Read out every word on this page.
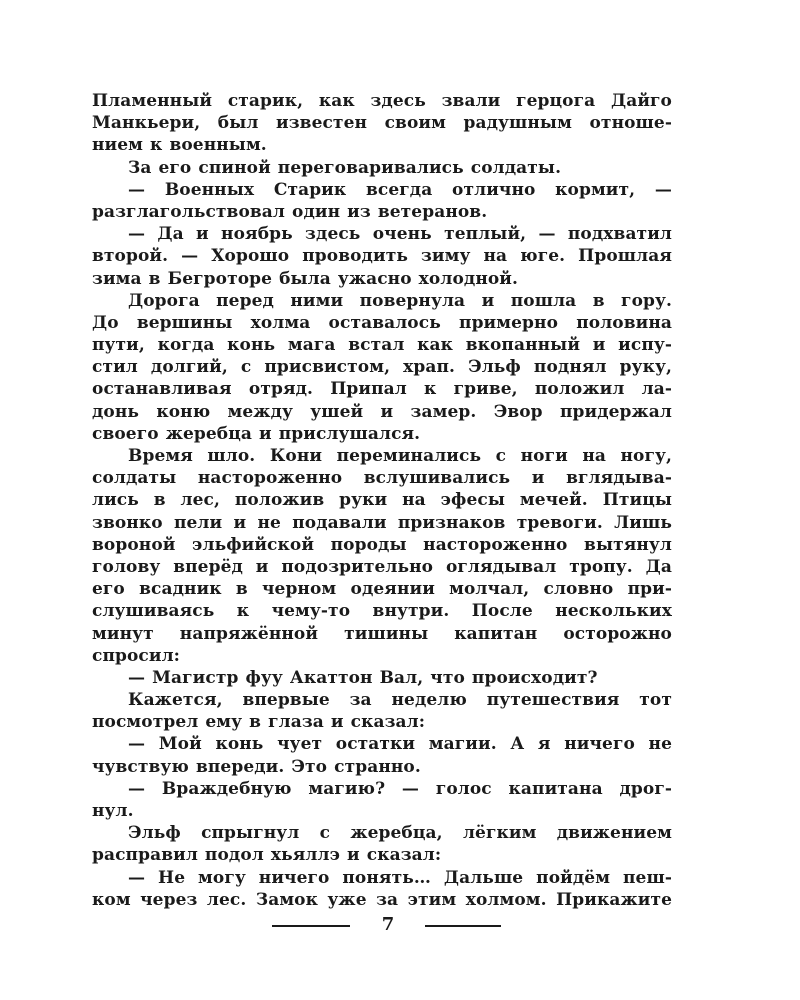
Пламенный старик, как здесь звали герцога Дайго
Манкьери, был известен своим радушным отноше-
нием к военным.
За его спиной переговаривались солдаты.
— Военных Старик всегда отлично кормит, —
разглагольствовал один из ветеранов.
— Да и ноябрь здесь очень теплый, — подхватил
второй. — Хорошо проводить зиму на юге. Прошлая
зима в Бегроторе была ужасно холодной.
Дорога перед ними повернула и пошла в гору.
До вершины холма оставалось примерно половина
пути, когда конь мага встал как вкопанный и испу-
стил долгий, с присвистом, храп. Эльф поднял руку,
останавливая отряд. Припал к гриве, положил ла-
донь коню между ушей и замер. Эвор придержал
своего жеребца и прислушался.
Время шло. Кони переминались с ноги на ногу,
солдаты настороженно вслушивались и вглядыва-
лись в лес, положив руки на эфесы мечей. Птицы
звонко пели и не подавали признаков тревоги. Лишь
вороной эльфийской породы настороженно вытянул
голову вперёд и подозрительно оглядывал тропу. Да
его всадник в черном одеянии молчал, словно при-
слушиваясь к чему-то внутри. После нескольких
минут напряжённой тишины капитан осторожно
спросил:
— Магистр фуу Акаттон Вал, что происходит?
Кажется, впервые за неделю путешествия тот
посмотрел ему в глаза и сказал:
— Мой конь чует остатки магии. А я ничего не
чувствую впереди. Это странно.
— Враждебную магию? — голос капитана дрог-
нул.
Эльф спрыгнул с жеребца, лёгким движением
расправил подол хьяллэ и сказал:
— Не могу ничего понять… Дальше пойдём пеш-
ком через лес. Замок уже за этим холмом. Прикажите
7
